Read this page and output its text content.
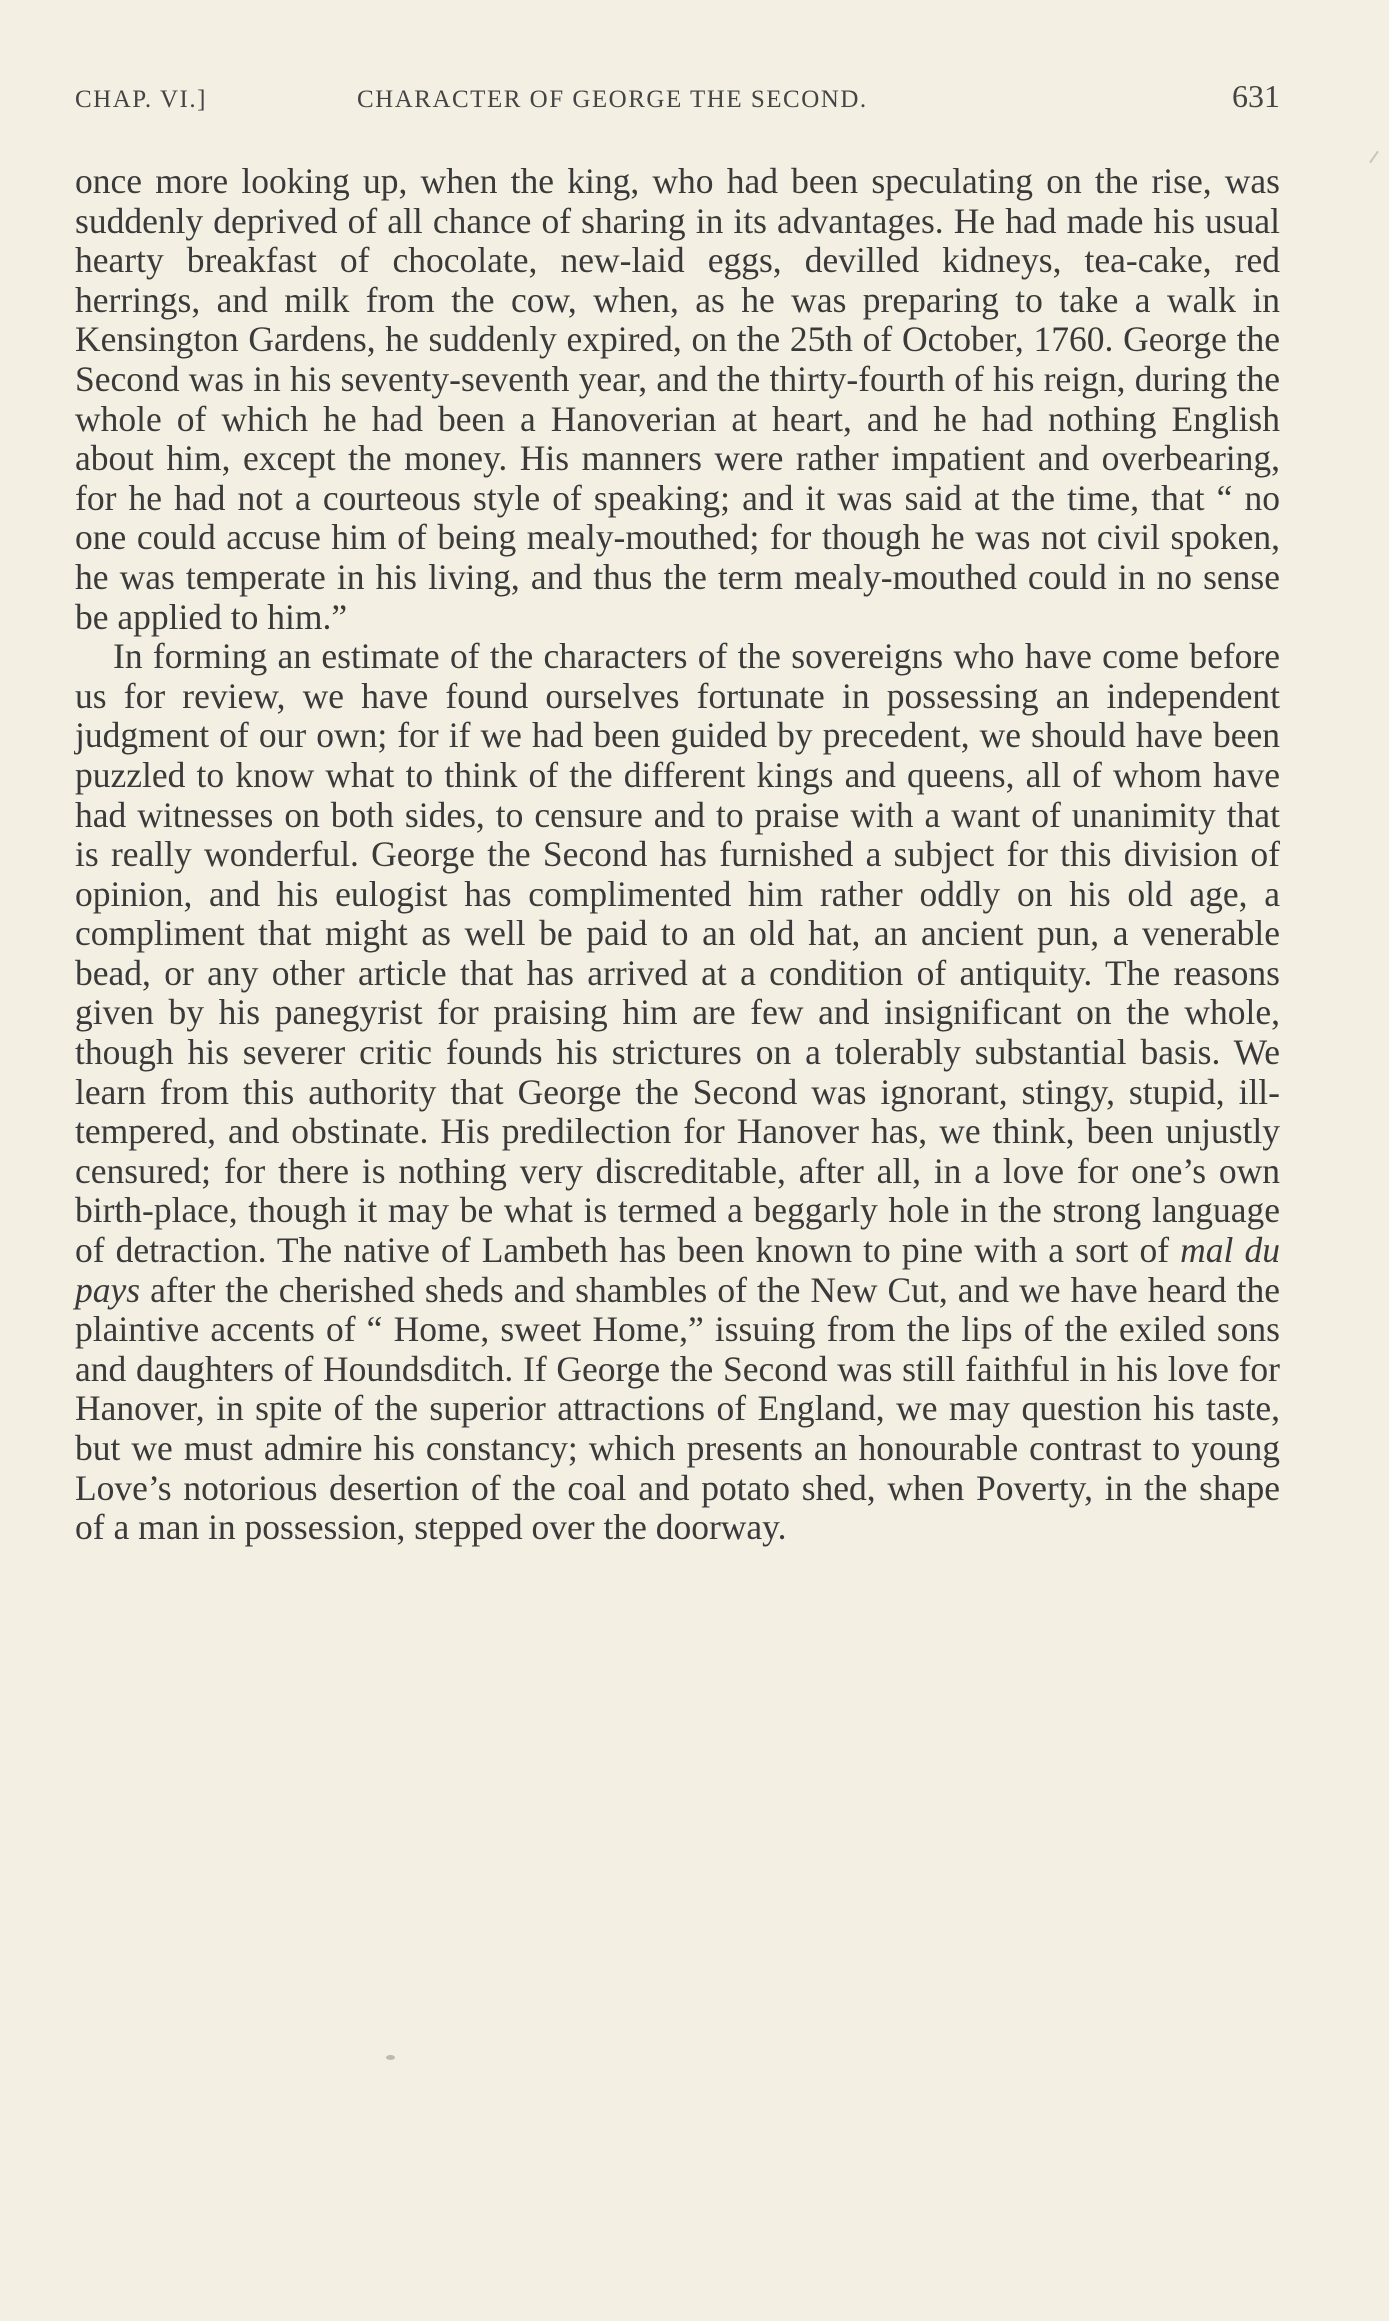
CHAP. VI.]	CHARACTER OF GEORGE THE SECOND.	631

once more looking up, when the king, who had been speculating on the rise, was suddenly deprived of all chance of sharing in its advantages. He had made his usual hearty breakfast of chocolate, new-laid eggs, devilled kidneys, tea-cake, red herrings, and milk from the cow, when, as he was preparing to take a walk in Kensington Gardens, he suddenly expired, on the 25th of October, 1760. George the Second was in his seventy-seventh year, and the thirty-fourth of his reign, during the whole of which he had been a Hanoverian at heart, and he had nothing English about him, except the money. His manners were rather impatient and overbearing, for he had not a courteous style of speaking; and it was said at the time, that “ no one could accuse him of being mealy-mouthed; for though he was not civil spoken, he was temperate in his living, and thus the term mealy-mouthed could in no sense be applied to him.”

In forming an estimate of the characters of the sovereigns who have come before us for review, we have found ourselves fortunate in possessing an independent judgment of our own; for if we had been guided by precedent, we should have been puzzled to know what to think of the different kings and queens, all of whom have had witnesses on both sides, to censure and to praise with a want of unanimity that is really wonderful. George the Second has furnished a subject for this division of opinion, and his eulogist has complimented him rather oddly on his old age, a compliment that might as well be paid to an old hat, an ancient pun, a venerable bead, or any other article that has arrived at a condition of antiquity. The reasons given by his panegyrist for praising him are few and insignificant on the whole, though his severer critic founds his strictures on a tolerably substantial basis. We learn from this authority that George the Second was ignorant, stingy, stupid, ill-tempered, and obstinate. His predilection for Hanover has, we think, been unjustly censured; for there is nothing very discreditable, after all, in a love for one’s own birth-place, though it may be what is termed a beggarly hole in the strong language of detraction. The native of Lambeth has been known to pine with a sort of mal du pays after the cherished sheds and shambles of the New Cut, and we have heard the plaintive accents of “ Home, sweet Home,” issuing from the lips of the exiled sons and daughters of Houndsditch. If George the Second was still faithful in his love for Hanover, in spite of the superior attractions of England, we may question his taste, but we must admire his constancy; which presents an honourable contrast to young Love’s notorious desertion of the coal and potato shed, when Poverty, in the shape of a man in possession, stepped over the doorway.
